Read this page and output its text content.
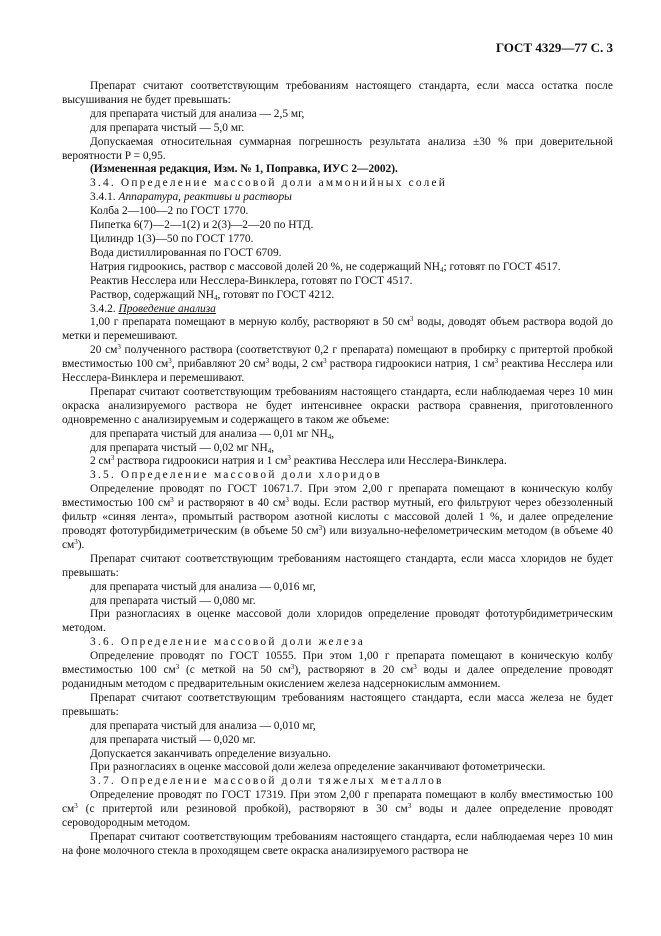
ГОСТ 4329—77 С. 3

Препарат считают соответствующим требованиям настоящего стандарта, если масса остатка после высушивания не будет превышать:

для препарата чистый для анализа — 2,5 мг,

для препарата чистый — 5,0 мг.

Допускаемая относительная суммарная погрешность результата анализа ±30 % при доверительной вероятности P = 0,95.

(Измененная редакция, Изм. № 1, Поправка, ИУС 2—2002).

3.4. Определение массовой доли аммонийных солей

3.4.1. Аппаратура, реактивы и растворы

Колба 2—100—2 по ГОСТ 1770.

Пипетка 6(7)—2—1(2) и 2(3)—2—20 по НТД.

Цилиндр 1(3)—50 по ГОСТ 1770.

Вода дистиллированная по ГОСТ 6709.

Натрия гидроокись, раствор с массовой долей 20 %, не содержащий $NH_4$; готовят по ГОСТ 4517.

Реактив Несслера или Несслера-Винклера, готовят по ГОСТ 4517.

Раствор, содержащий $NH_4$, готовят по ГОСТ 4212.

3.4.2. Проведение анализа

1,00 г препарата помещают в мерную колбу, растворяют в 50 $см^3$ воды, доводят объем раствора водой до метки и перемешивают.

20 $см^3$ полученного раствора (соответствуют 0,2 г препарата) помещают в пробирку с притертой пробкой вместимостью 100 $см^3$, прибавляют 20 $см^3$ воды, 2 $см^3$ раствора гидроокиси натрия, 1 $см^3$ реактива Несслера или Несслера-Винклера и перемешивают.

Препарат считают соответствующим требованиям настоящего стандарта, если наблюдаемая через 10 мин окраска анализируемого раствора не будет интенсивнее окраски раствора сравнения, приготовленного одновременно с анализируемым и содержащего в таком же объеме:

для препарата чистый для анализа — 0,01 мг $NH_4$,

для препарата чистый — 0,02 мг $NH_4$,

2 $см^3$ раствора гидроокиси натрия и 1 $см^3$ реактива Несслера или Несслера-Винклера.

3.5. Определение массовой доли хлоридов

Определение проводят по ГОСТ 10671.7. При этом 2,00 г препарата помещают в коническую колбу вместимостью 100 $см^3$ и растворяют в 40 $см^3$ воды. Если раствор мутный, его фильтруют через обеззоленный фильтр «синяя лента», промытый раствором азотной кислоты с массовой долей 1 %, и далее определение проводят фототурбидиметрическим (в объеме 50 $см^3$) или визуально-нефелометрическим методом (в объеме 40 $см^3$).

Препарат считают соответствующим требованиям настоящего стандарта, если масса хлоридов не будет превышать:

для препарата чистый для анализа — 0,016 мг,

для препарата чистый — 0,080 мг.

При разногласиях в оценке массовой доли хлоридов определение проводят фототурбидиметрическим методом.

3.6. Определение массовой доли железа

Определение проводят по ГОСТ 10555. При этом 1,00 г препарата помещают в коническую колбу вместимостью 100 $см^3$ (с меткой на 50 $см^3$), растворяют в 20 $см^3$ воды и далее определение проводят роданидным методом с предварительным окислением железа надсернокислым аммонием.

Препарат считают соответствующим требованиям настоящего стандарта, если масса железа не будет превышать:

для препарата чистый для анализа — 0,010 мг,

для препарата чистый — 0,020 мг.

Допускается заканчивать определение визуально.

При разногласиях в оценке массовой доли железа определение заканчивают фотометрически.

3.7. Определение массовой доли тяжелых металлов

Определение проводят по ГОСТ 17319. При этом 2,00 г препарата помещают в колбу вместимостью 100 $см^3$ (с притертой или резиновой пробкой), растворяют в 30 $см^3$ воды и далее определение проводят сероводородным методом.

Препарат считают соответствующим требованиям настоящего стандарта, если наблюдаемая через 10 мин на фоне молочного стекла в проходящем свете окраска анализируемого раствора не
